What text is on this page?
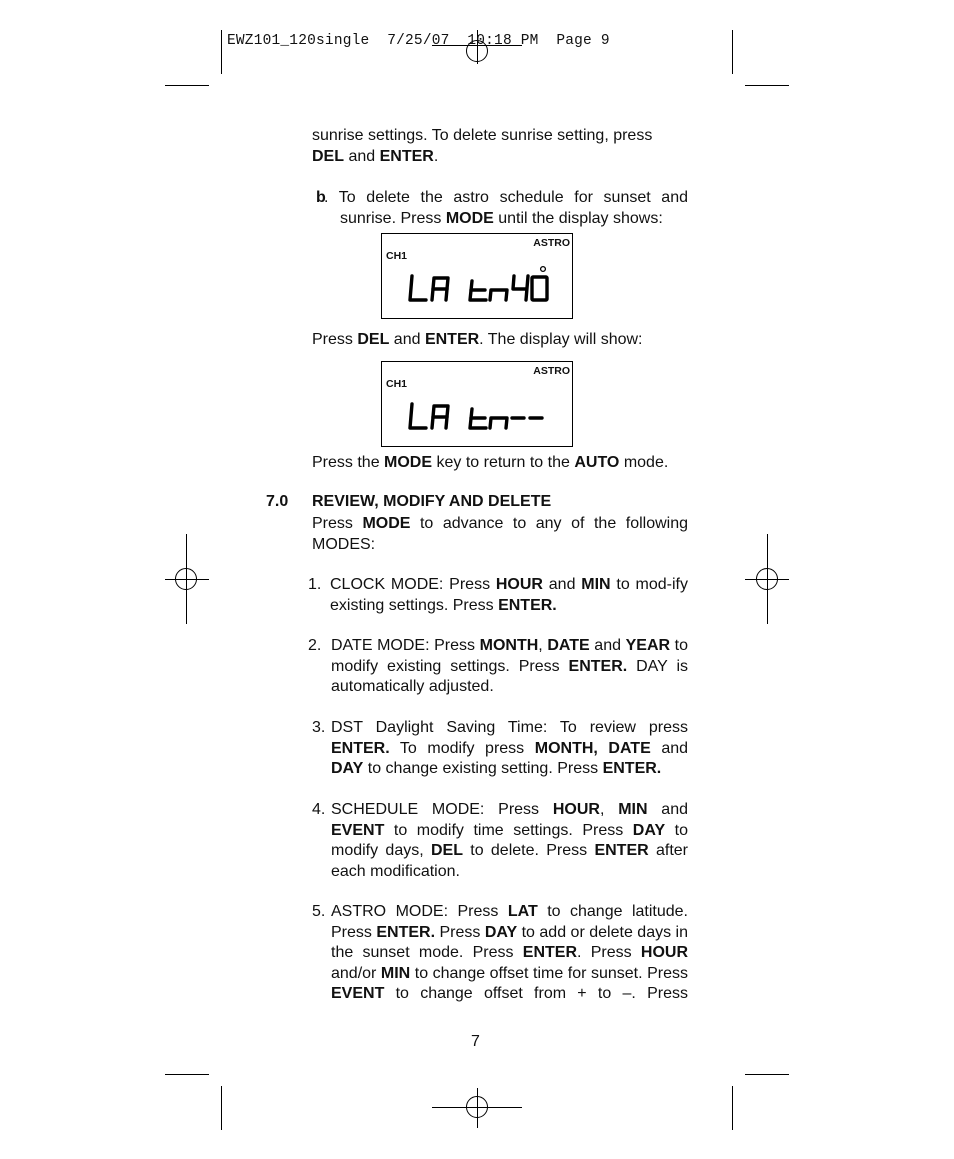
EWZ101_120single  7/25/07  10:18 PM  Page 9
sunrise settings. To delete sunrise setting, press
DEL and ENTER.
b
. To delete the astro schedule for sunset and sunrise. Press MODE until the display shows:
ASTRO
CH1
Press DEL and ENTER. The display will show:
ASTRO
CH1
Press the MODE key to return to the AUTO mode.
7.0 REVIEW, MODIFY AND DELETE
Press MODE to advance to any of the following MODES:
1. CLOCK MODE: Press HOUR and MIN to mod-ify existing settings. Press ENTER.
2. DATE MODE: Press MONTH, DATE and YEAR to modify existing settings. Press ENTER. DAY is automatically adjusted.
3. DST Daylight Saving Time: To review press ENTER. To modify press MONTH, DATE and DAY to change existing setting. Press ENTER.
4. SCHEDULE MODE: Press HOUR, MIN and EVENT to modify time settings. Press DAY to modify days, DEL to delete. Press ENTER after each modification.
5. ASTRO MODE: Press LAT to change latitude. Press ENTER. Press DAY to add or delete days in the sunset mode. Press ENTER. Press HOUR and/or MIN to change offset time for sunset. Press EVENT to change offset from + to –. Press
7
